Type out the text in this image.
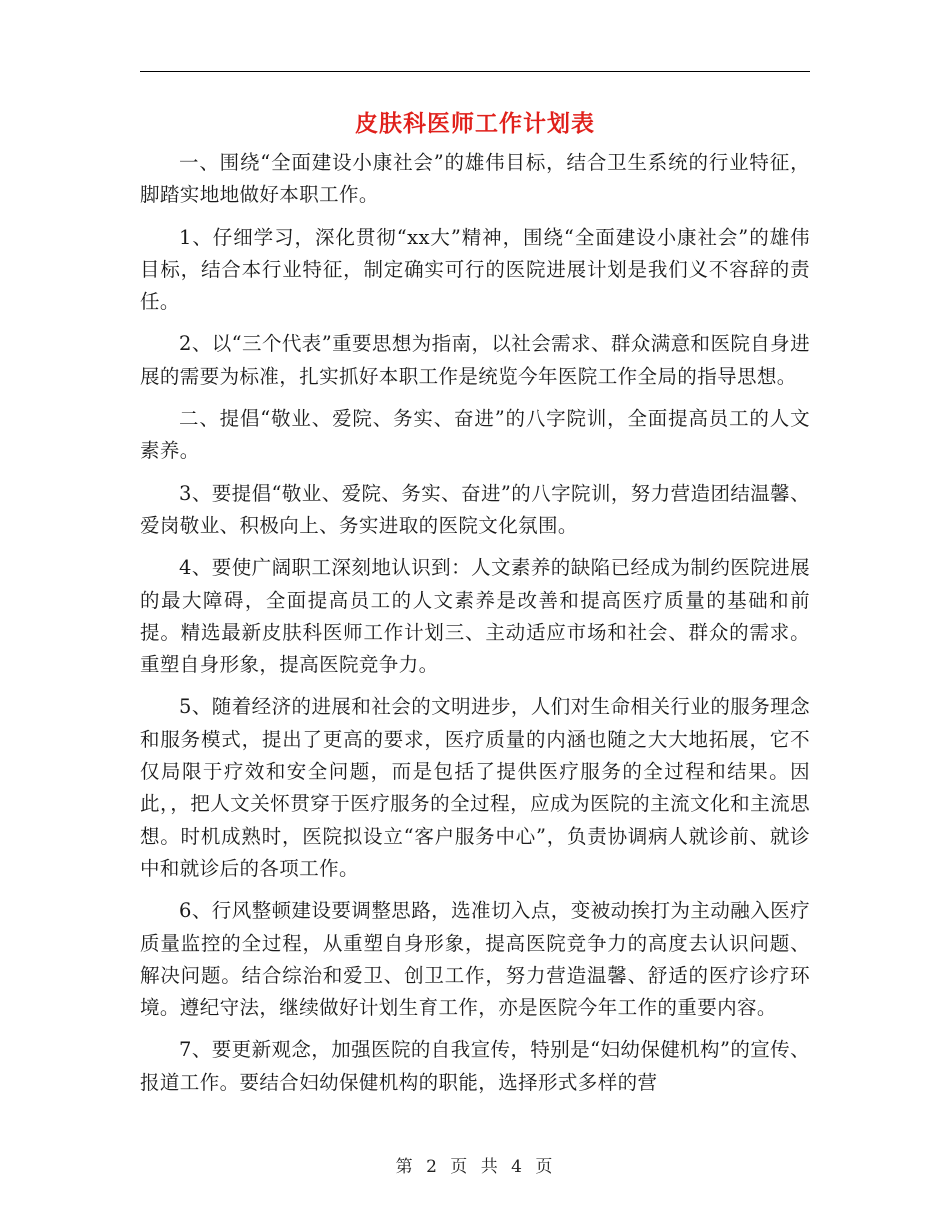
皮肤科医师工作计划表

一、围绕“全面建设小康社会”的雄伟目标，结合卫生系统的行业特征，脚踏实地地做好本职工作。

1、仔细学习，深化贯彻“xx大”精神，围绕“全面建设小康社会”的雄伟目标，结合本行业特征，制定确实可行的医院进展计划是我们义不容辞的责任。

2、以“三个代表”重要思想为指南，以社会需求、群众满意和医院自身进展的需要为标准，扎实抓好本职工作是统览今年医院工作全局的指导思想。

二、提倡“敬业、爱院、务实、奋进”的八字院训，全面提高员工的人文素养。

3、要提倡“敬业、爱院、务实、奋进”的八字院训，努力营造团结温馨、爱岗敬业、积极向上、务实进取的医院文化氛围。

4、要使广阔职工深刻地认识到：人文素养的缺陷已经成为制约医院进展的最大障碍，全面提高员工的人文素养是改善和提高医疗质量的基础和前提。精选最新皮肤科医师工作计划三、主动适应市场和社会、群众的需求。重塑自身形象，提高医院竞争力。

5、随着经济的进展和社会的文明进步，人们对生命相关行业的服务理念和服务模式，提出了更高的要求，医疗质量的内涵也随之大大地拓展，它不仅局限于疗效和安全问题，而是包括了提供医疗服务的全过程和结果。因此，，把人文关怀贯穿于医疗服务的全过程，应成为医院的主流文化和主流思想。时机成熟时，医院拟设立“客户服务中心”，负责协调病人就诊前、就诊中和就诊后的各项工作。

6、行风整顿建设要调整思路，选准切入点，变被动挨打为主动融入医疗质量监控的全过程，从重塑自身形象，提高医院竞争力的高度去认识问题、解决问题。结合综治和爱卫、创卫工作，努力营造温馨、舒适的医疗诊疗环境。遵纪守法，继续做好计划生育工作，亦是医院今年工作的重要内容。

7、要更新观念，加强医院的自我宣传，特别是“妇幼保健机构”的宣传、报道工作。要结合妇幼保健机构的职能，选择形式多样的营

第 2 页 共 4 页
